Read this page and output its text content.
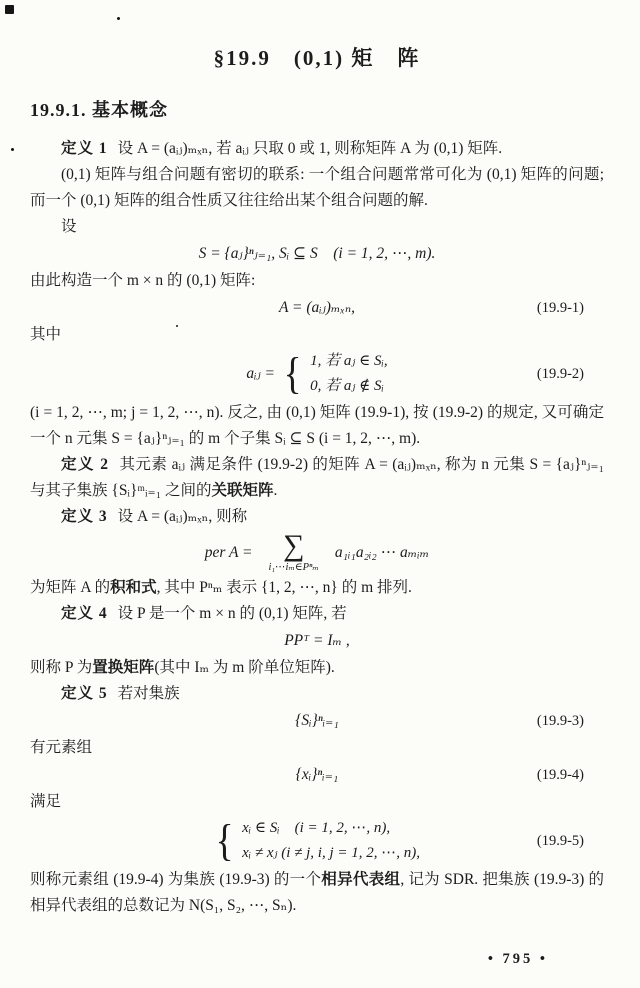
§19.9　(0,1) 矩　阵
19.9.1. 基本概念

定义 1 设 A = (aᵢⱼ)ₘₓₙ, 若 aᵢⱼ 只取 0 或 1, 则称矩阵 A 为 (0,1) 矩阵.

(0,1) 矩阵与组合问题有密切的联系: 一个组合问题常常可化为 (0,1) 矩阵的问题;而一个 (0,1) 矩阵的组合性质又往往给出某个组合问题的解.

设

S = {aⱼ}ⁿⱼ₌₁, Sᵢ ⊆ S　(i = 1, 2, ⋯, m).

由此构造一个 m × n 的 (0,1) 矩阵:

A = (aᵢⱼ)ₘₓₙ,	(19.9-1)

其中

aᵢⱼ = { 1, 若 aⱼ ∈ Sᵢ,
0, 若 aⱼ ∉ Sᵢ
(19.9-2)

(i = 1, 2, ⋯, m; j = 1, 2, ⋯, n). 反之, 由 (0,1) 矩阵 (19.9-1), 按 (19.9-2) 的规定, 又可确定一个 n 元集 S = {aⱼ}ⁿⱼ₌₁ 的 m 个子集 Sᵢ ⊆ S (i = 1, 2, ⋯, m).

定义 2 其元素 aᵢⱼ 满足条件 (19.9-2) 的矩阵 A = (aᵢⱼ)ₘₓₙ, 称为 n 元集 S = {aⱼ}ⁿⱼ₌₁ 与其子集族 {Sᵢ}ᵐᵢ₌₁ 之间的关联矩阵.

定义 3 设 A = (aᵢⱼ)ₘₓₙ, 则称

per A = ∑
i₁⋯iₘ∈Pⁿₘ
a₁ᵢ₁a₂ᵢ₂ ⋯ aₘᵢₘ

为矩阵 A 的积和式, 其中 Pⁿₘ 表示 {1, 2, ⋯, n} 的 m 排列.

定义 4 设 P 是一个 m × n 的 (0,1) 矩阵, 若

PPᵀ = Iₘ ,

则称 P 为置换矩阵(其中 Iₘ 为 m 阶单位矩阵).

定义 5 若对集族

{Sᵢ}ⁿᵢ₌₁	(19.9-3)

有元素组

{xᵢ}ⁿᵢ₌₁	(19.9-4)

满足

{ xᵢ ∈ Sᵢ　(i = 1, 2, ⋯, n),
xᵢ ≠ xⱼ (i ≠ j, i, j = 1, 2, ⋯, n),
(19.9-5)

则称元素组 (19.9-4) 为集族 (19.9-3) 的一个相异代表组, 记为 SDR. 把集族 (19.9-3) 的相异代表组的总数记为 N(S₁, S₂, ⋯, Sₙ).

• 795 •
